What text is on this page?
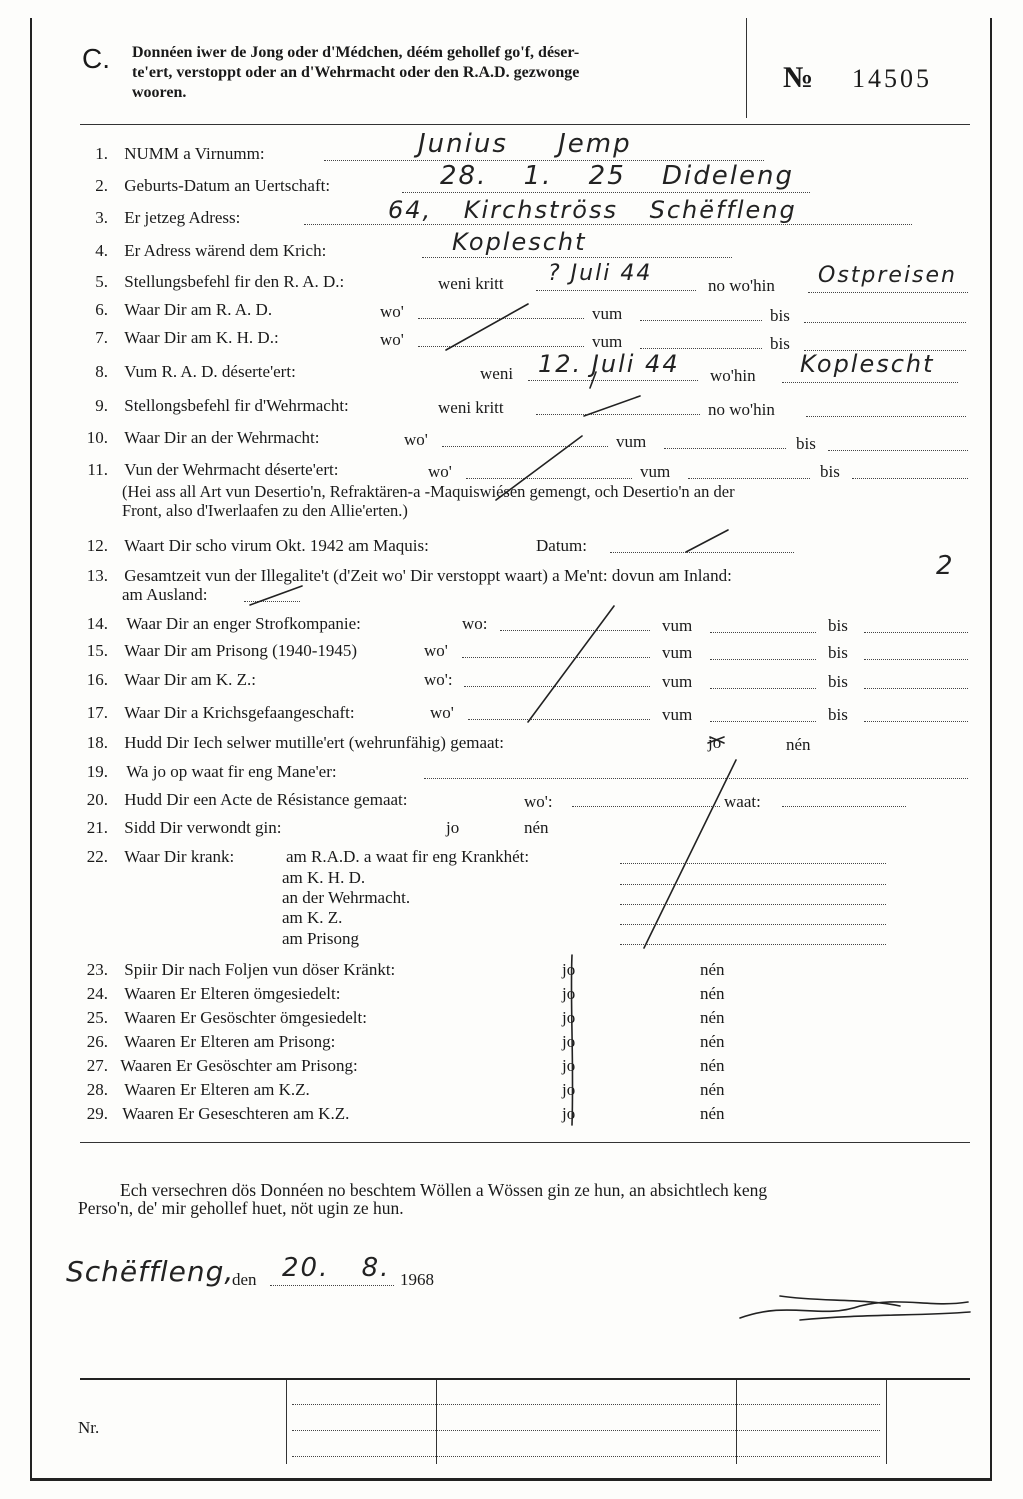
C. Donnéen iwer de Jong oder d'Médchen, déém gehollef go'f, déser-
te'ert, verstoppt oder an d'Wehrmacht oder den R.A.D. gezwonge
wooren.	№ 14505
1. NUMM a Virnumm:	Junius Jemp
2. Geburts-Datum an Uertschaft:	28. 1. 25 Dideleng
3. Er jetzeg Adress:	64, Kirchströss Schëffleng
4. Er Adress wärend dem Krich:	Koplescht
5. Stellungsbefehl fir den R. A. D.:	weni kritt ? Juli 44	no wo'hin Ostpreisen
6. Waar Dir am R. A. D.	wo'	vum	bis
7. Waar Dir am K. H. D.:	wo'	vum	bis
8. Vum R. A. D. déserte'ert:	weni 12. Juli 44 wo'hin Koplescht
9. Stellongsbefehl fir d'Wehrmacht:	weni kritt	no wo'hin
10. Waar Dir an der Wehrmacht:	wo'	vum	bis
11. Vun der Wehrmacht déserte'ert:	wo'	vum	bis
(Hei ass all Art vun Desertio'n, Refraktären-a -Maquiswiésen gemengt, och Desertio'n an der
Front, also d'Iwerlaafen zu den Allie'erten.)
12. Waart Dir scho virum Okt. 1942 am Maquis:	Datum:
13. Gesamtzeit vun der Illegalite't (d'Zeit wo' Dir verstoppt waart) a Me'nt: dovun am Inland:	2
am Ausland:
14. Waar Dir an enger Strofkompanie:	wo:	vum	bis
15. Waar Dir am Prisong (1940-1945)	wo'	vum	bis
16. Waar Dir am K. Z.:	wo':	vum	bis
17. Waar Dir a Krichsgefaangeschaft:	wo'	vum	bis
18. Hudd Dir Iech selwer mutille'ert (wehrunfähig) gemaat:	jo	nén
19. Wa jo op waat fir eng Mane'er:
20. Hudd Dir een Acte de Résistance gemaat:	wo':	waat:
21. Sidd Dir verwondt gin:	jo	nén
22. Waar Dir krank:	am R.A.D. a waat fir eng Krankhét:
am K. H. D.
an der Wehrmacht.
am K. Z.
am Prisong
23. Spiir Dir nach Foljen vun döser Kränkt:	jo	nén
24. Waaren Er Elteren ömgesiedelt:	jo	nén
25. Waaren Er Gesöschter ömgesiedelt:	jo	nén
26. Waaren Er Elteren am Prisong:	jo	nén
27. Waaren Er Gesöschter am Prisong:	jo	nén
28. Waaren Er Elteren am K.Z.	jo	nén
29. Waaren Er Geseschteren am K.Z.	jo	nén
Ech versechren dös Donnéen no beschtem Wöllen a Wössen gin ze hun, an absichtlech keng
Perso'n, de' mir gehollef huet, nöt ugin ze hun.
Schëffleng,
den 20. 8. 1968
Nr.
